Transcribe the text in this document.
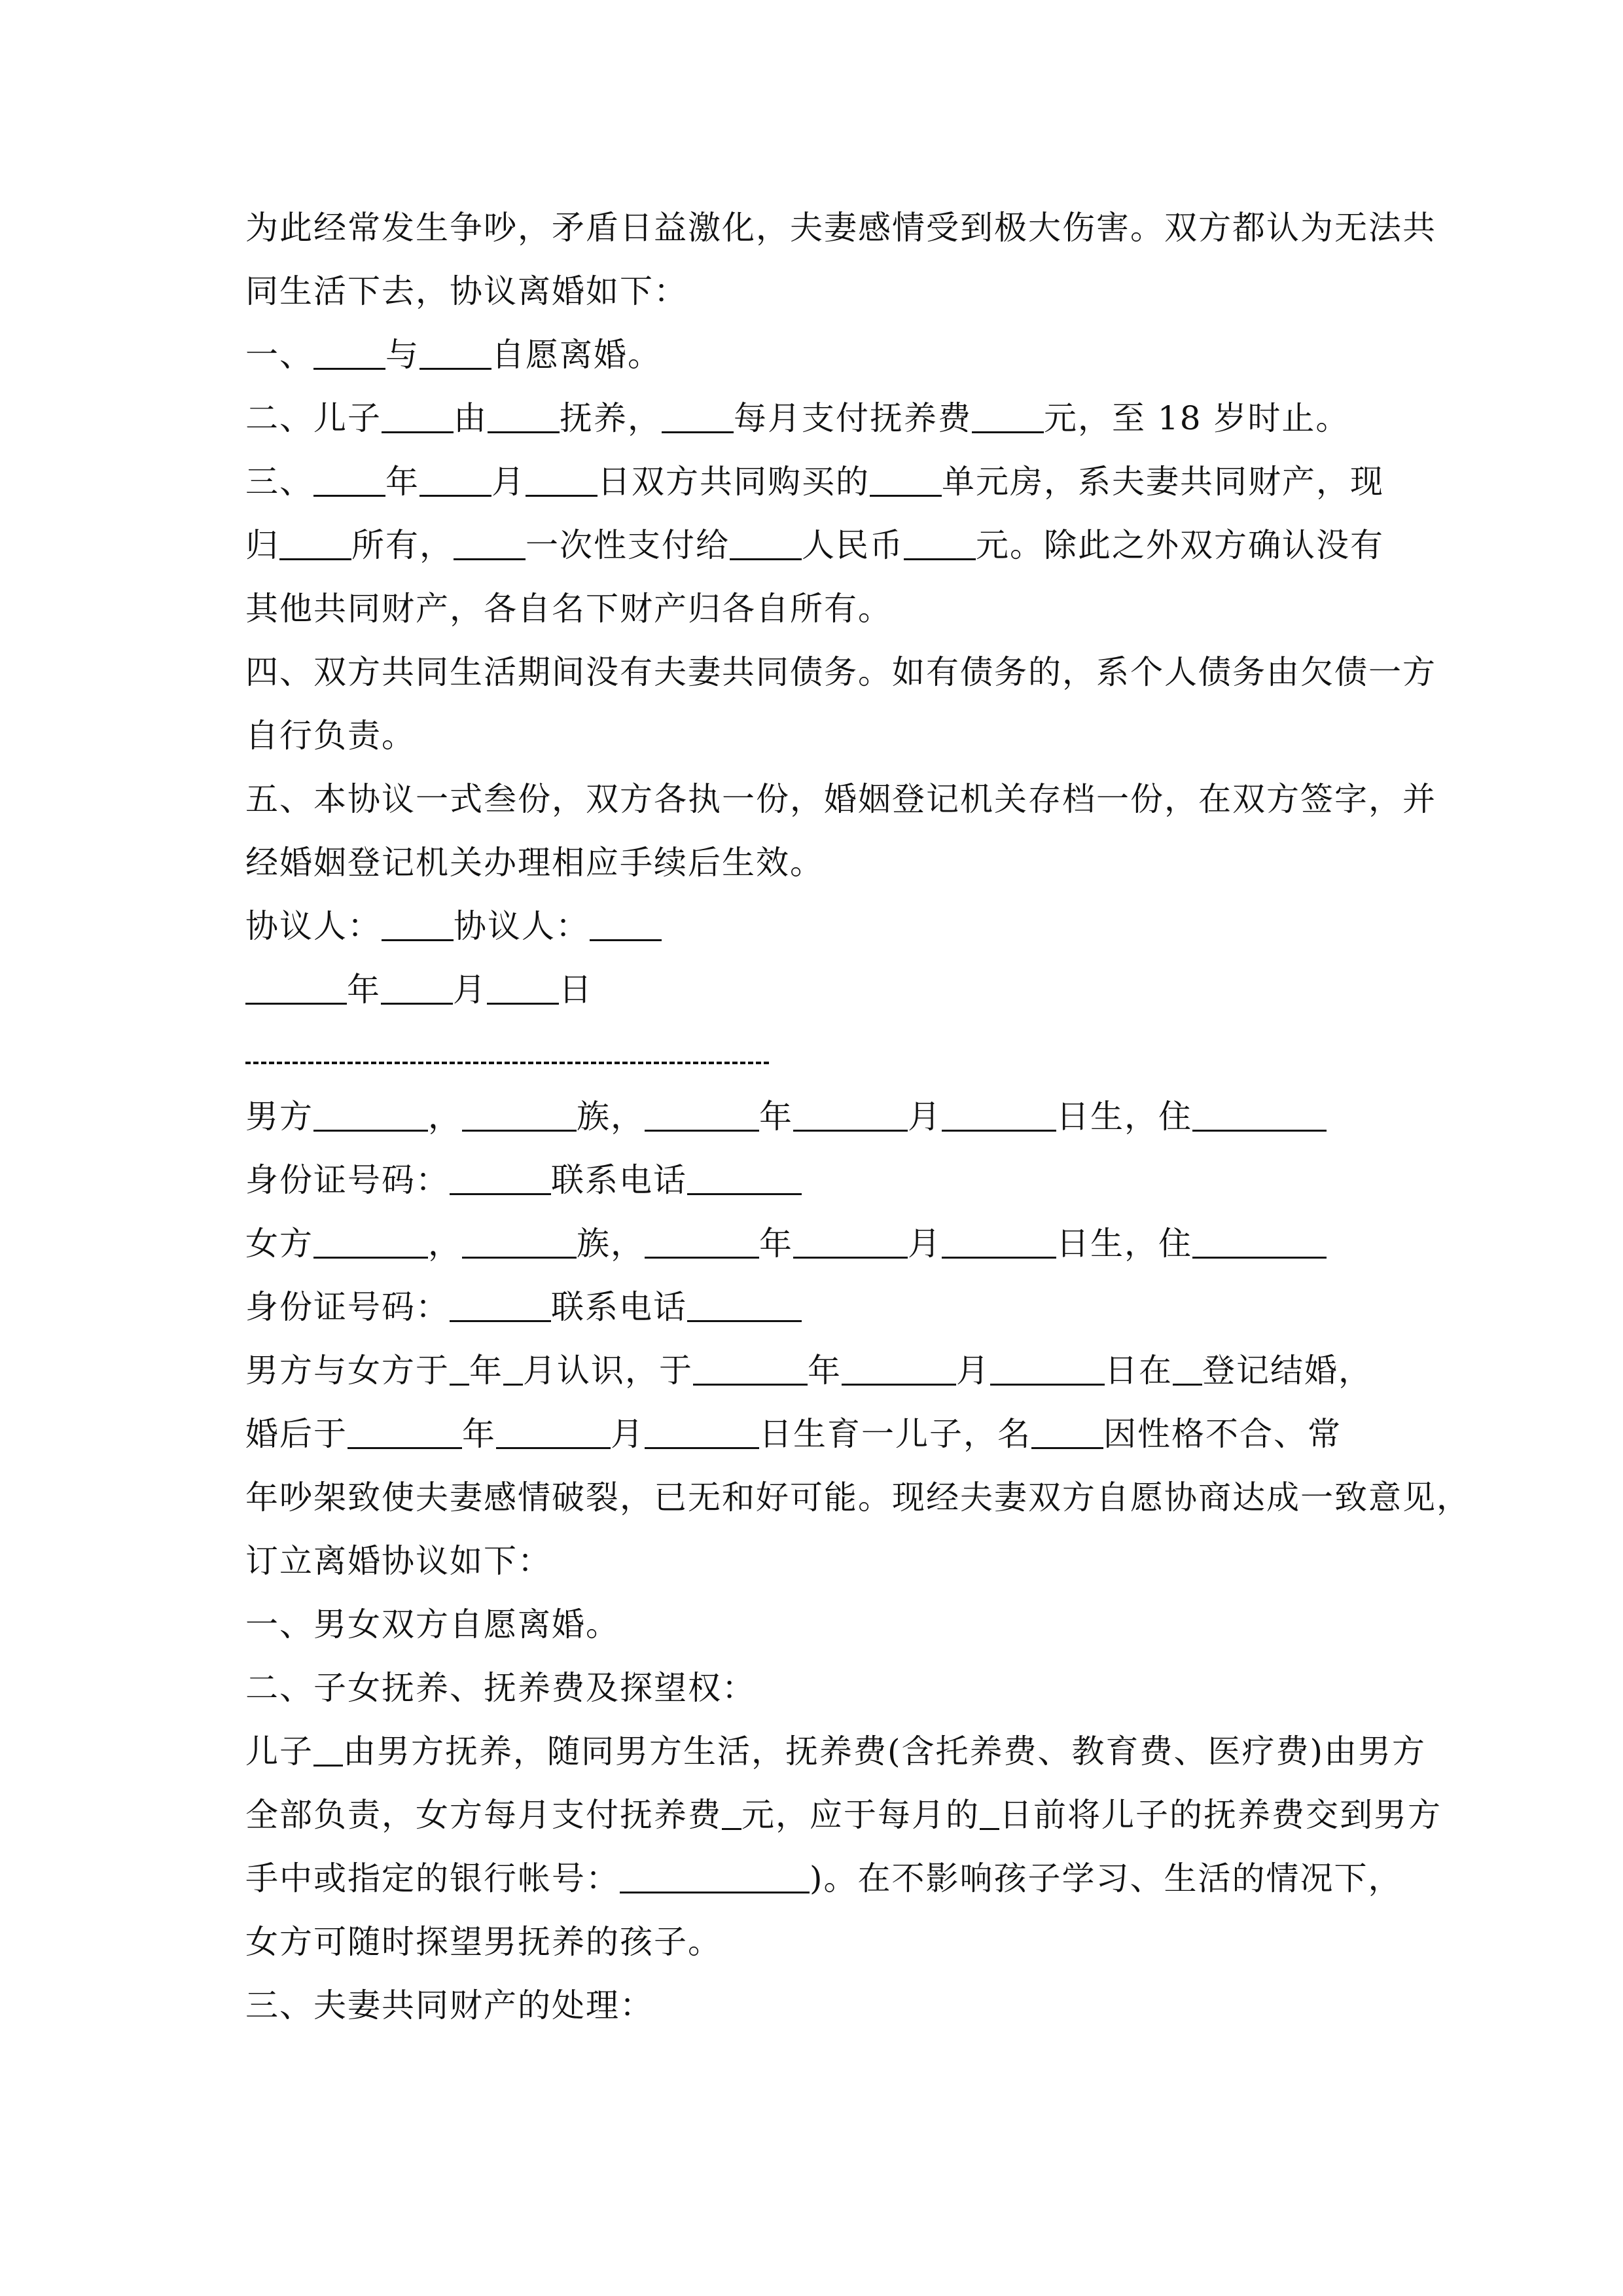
为此经常发生争吵，矛盾日益激化，夫妻感情受到极大伤害。双方都认为无法共
同生活下去，协议离婚如下：
一、 与 自愿离婚。
二、儿子 由 抚养， 每月支付抚养费 元，至 18 岁时止。
三、 年 月 日双方共同购买的 单元房，系夫妻共同财产，现
归 所有， 一次性支付给 人民币 元。除此之外双方确认没有
其他共同财产，各自名下财产归各自所有。
四、双方共同生活期间没有夫妻共同债务。如有债务的，系个人债务由欠债一方
自行负责。
五、本协议一式叁份，双方各执一份，婚姻登记机关存档一份，在双方签字，并
经婚姻登记机关办理相应手续后生效。
协议人： 协议人：
年 月 日
男方	，	族，	年	月	日生，住
身份证号码：	联系电话
女方	，	族，	年	月	日生，住
身份证号码：	联系电话
男方与女方于 年 月认识，于	年	月	日在 登记结婚，
婚后于	年	月	日生育一儿子，名 因性格不合、常
年吵架致使夫妻感情破裂，已无和好可能。现经夫妻双方自愿协商达成一致意见，
订立离婚协议如下：
一、男女双方自愿离婚。
二、子女抚养、抚养费及探望权：
儿子 由男方抚养，随同男方生活，抚养费(含托养费、教育费、医疗费)由男方
全部负责，女方每月支付抚养费 元，应于每月的 日前将儿子的抚养费交到男方
手中或指定的银行帐号：	)。在不影响孩子学习、生活的情况下，
女方可随时探望男抚养的孩子。
三、夫妻共同财产的处理：
